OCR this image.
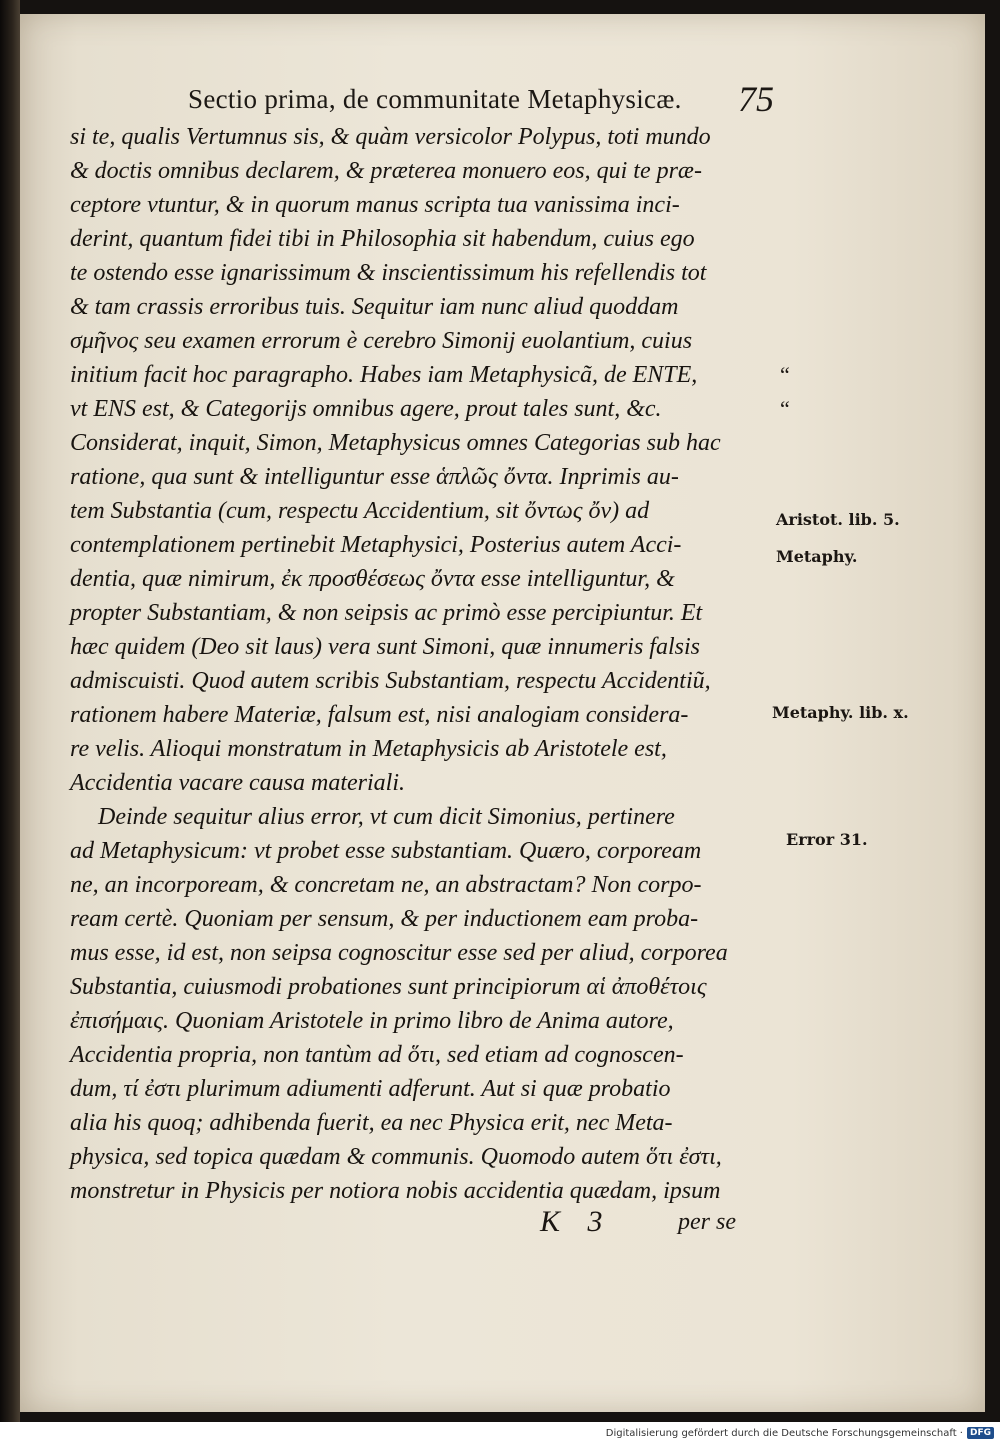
Sectio prima, de communitate Metaphysicæ. 75
si te, qualis Vertumnus sis, & quàm versicolor Polypus, toti mundo
& doctis omnibus declarem, & præterea monuero eos, qui te præ-
ceptore vtuntur, & in quorum manus scripta tua vanissima inci-
derint, quantum fidei tibi in Philosophia sit habendum, cuius ego
te ostendo esse ignarissimum & inscientissimum his refellendis tot
& tam crassis erroribus tuis. Sequitur iam nunc aliud quoddam
σμῆνος seu examen errorum è cerebro Simonij euolantium, cuius
initium facit hoc paragrapho. Habes iam Metaphysicã, de ENTE,
vt ENS est, & Categorijs omnibus agere, prout tales sunt, &c.
Considerat, inquit, Simon, Metaphysicus omnes Categorias sub hac
ratione, qua sunt & intelliguntur esse ἁπλῶς ὄντα. Inprimis au-
tem Substantia (cum, respectu Accidentium, sit ὄντως ὄν) ad
contemplationem pertinebit Metaphysici, Posterius autem Acci-
dentia, quæ nimirum, ἐκ προσθέσεως ὄντα esse intelliguntur, &
propter Substantiam, & non seipsis ac primò esse percipiuntur. Et
hæc quidem (Deo sit laus) vera sunt Simoni, quæ innumeris falsis
admiscuisti. Quod autem scribis Substantiam, respectu Accidentiũ,
rationem habere Materiæ, falsum est, nisi analogiam considera-
re velis. Alioqui monstratum in Metaphysicis ab Aristotele est,
Accidentia vacare causa materiali.
Deinde sequitur alius error, vt cum dicit Simonius, pertinere
ad Metaphysicum: vt probet esse substantiam. Quæro, corpoream
ne, an incorpoream, & concretam ne, an abstractam? Non corpo-
ream certè. Quoniam per sensum, & per inductionem eam proba-
mus esse, id est, non seipsa cognoscitur esse sed per aliud, corporea
Substantia, cuiusmodi probationes sunt principiorum αἱ ἀποθέτοις
ἐπισήμαις. Quoniam Aristotele in primo libro de Anima autore,
Accidentia propria, non tantùm ad ὅτι, sed etiam ad cognoscen-
dum, τί ἐστι plurimum adiumenti adferunt. Aut si quæ probatio
alia his quoq; adhibenda fuerit, ea nec Physica erit, nec Meta-
physica, sed topica quædam & communis. Quomodo autem ὅτι ἐστι,
monstretur in Physicis per notiora nobis accidentia quædam, ipsum
“
“
Aristot. lib. 5.
Metaphy.
Metaphy. lib. x.
Error 31.
K 3	per se
Digitalisierung gefördert durch die Deutsche Forschungsgemeinschaft · DFG
